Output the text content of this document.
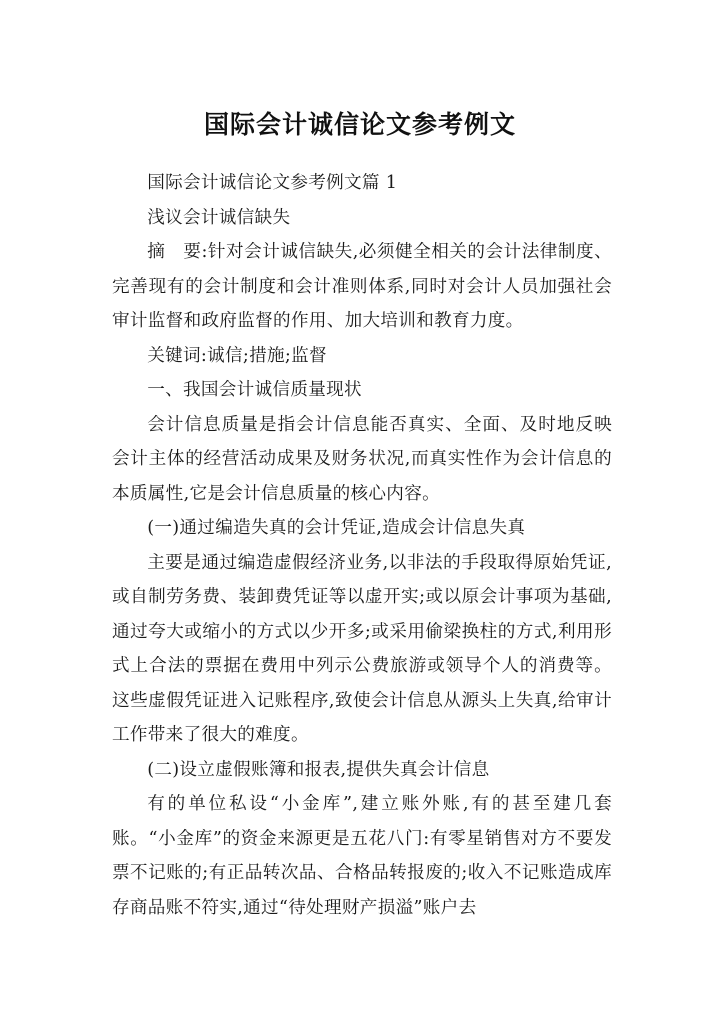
国际会计诚信论文参考例文

国际会计诚信论文参考例文篇 1

浅议会计诚信缺失

摘　要:针对会计诚信缺失,必须健全相关的会计法律制度、完善现有的会计制度和会计准则体系,同时对会计人员加强社会审计监督和政府监督的作用、加大培训和教育力度。

关键词:诚信;措施;监督

一、我国会计诚信质量现状

会计信息质量是指会计信息能否真实、全面、及时地反映会计主体的经营活动成果及财务状况,而真实性作为会计信息的本质属性,它是会计信息质量的核心内容。

(一)通过编造失真的会计凭证,造成会计信息失真

主要是通过编造虚假经济业务,以非法的手段取得原始凭证,或自制劳务费、装卸费凭证等以虚开实;或以原会计事项为基础,通过夸大或缩小的方式以少开多;或采用偷梁换柱的方式,利用形式上合法的票据在费用中列示公费旅游或领导个人的消费等。这些虚假凭证进入记账程序,致使会计信息从源头上失真,给审计工作带来了很大的难度。

(二)设立虚假账簿和报表,提供失真会计信息

有的单位私设“小金库”,建立账外账,有的甚至建几套账。“小金库”的资金来源更是五花八门:有零星销售对方不要发票不记账的;有正品转次品、合格品转报废的;收入不记账造成库存商品账不符实,通过“待处理财产损溢”账户去
